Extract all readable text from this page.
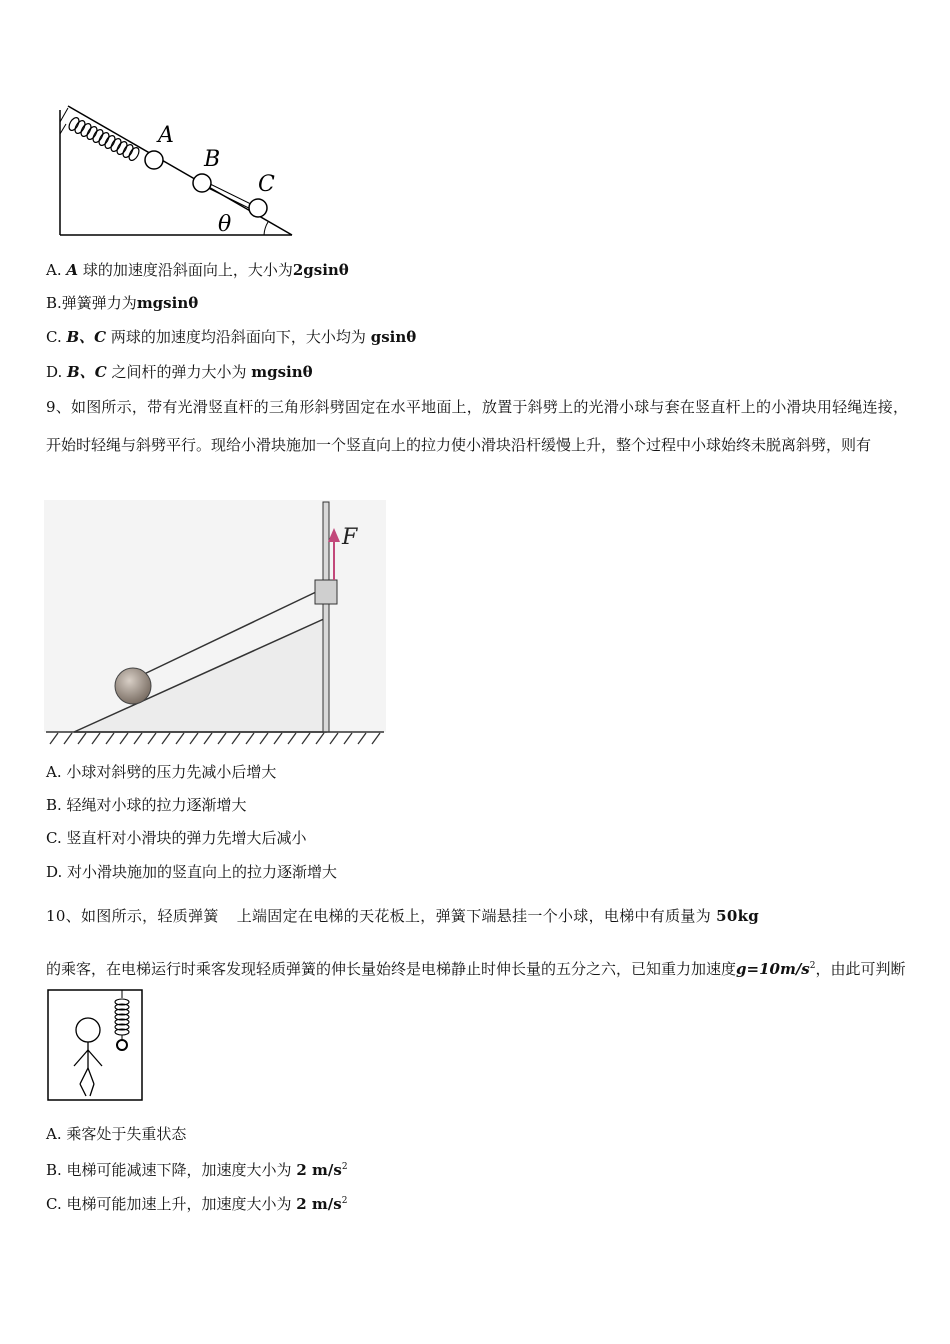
A
B
C
θ
A. A 球的加速度沿斜面向上，大小为2gsinθ
B.弹簧弹力为mgsinθ
C. B、C 两球的加速度均沿斜面向下，大小均为 gsinθ
D. B、C 之间杆的弹力大小为 mgsinθ
9、如图所示，带有光滑竖直杆的三角形斜劈固定在水平地面上，放置于斜劈上的光滑小球与套在竖直杆上的小滑块用轻绳连接，开始时轻绳与斜劈平行。现给小滑块施加一个竖直向上的拉力使小滑块沿杆缓慢上升，整个过程中小球始终未脱离斜劈，则有
F
A. 小球对斜劈的压力先减小后增大
B. 轻绳对小球的拉力逐渐增大
C. 竖直杆对小滑块的弹力先增大后减小
D. 对小滑块施加的竖直向上的拉力逐渐增大
10、如图所示，轻质弹簧 上端固定在电梯的天花板上，弹簧下端悬挂一个小球，电梯中有质量为 50kg
的乘客，在电梯运行时乘客发现轻质弹簧的伸长量始终是电梯静止时伸长量的五分之六，已知重力加速度$g=10m/s^2$，由此可判断
A. 乘客处于失重状态
B. 电梯可能减速下降，加速度大小为 2 $m/s^2$
C. 电梯可能加速上升，加速度大小为 2 $m/s^2$
